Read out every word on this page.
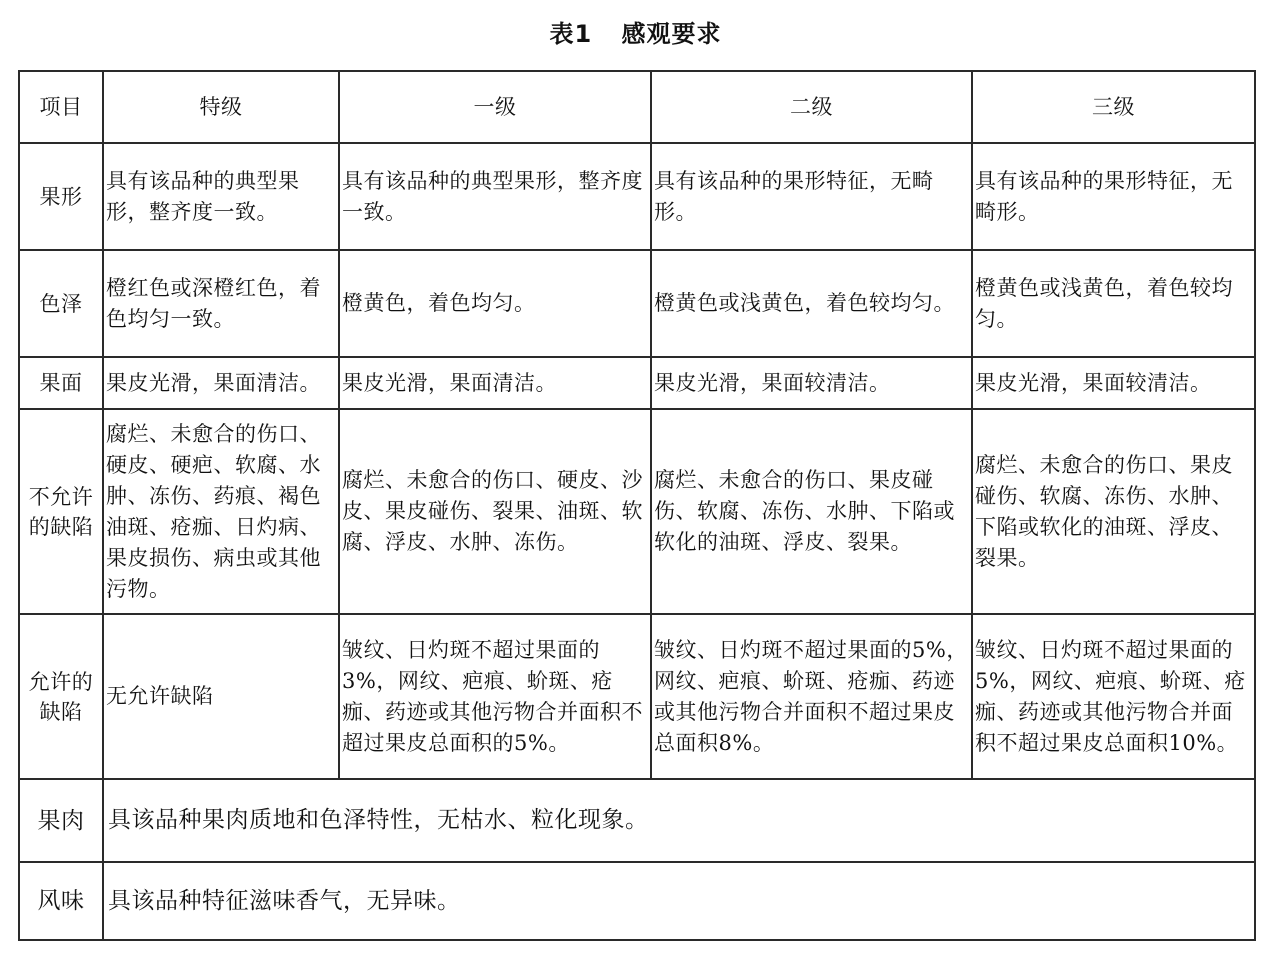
表1 感观要求
项目	特级	一级	二级	三级
果形	具有该品种的典型果形，整齐度一致。	具有该品种的典型果形，整齐度一致。	具有该品种的果形特征，无畸形。	具有该品种的果形特征，无畸形。
色泽	橙红色或深橙红色，着色均匀一致。	橙黄色，着色均匀。	橙黄色或浅黄色，着色较均匀。	橙黄色或浅黄色，着色较均匀。
果面	果皮光滑，果面清洁。	果皮光滑，果面清洁。	果皮光滑，果面较清洁。	果皮光滑，果面较清洁。
不允许的缺陷	腐烂、未愈合的伤口、硬皮、硬疤、软腐、水肿、冻伤、药痕、褐色油斑、疮痂、日灼病、果皮损伤、病虫或其他污物。	腐烂、未愈合的伤口、硬皮、沙皮、果皮碰伤、裂果、油斑、软腐、浮皮、水肿、冻伤。	腐烂、未愈合的伤口、果皮碰伤、软腐、冻伤、水肿、下陷或软化的油斑、浮皮、裂果。	腐烂、未愈合的伤口、果皮碰伤、软腐、冻伤、水肿、下陷或软化的油斑、浮皮、裂果。
允许的缺陷	无允许缺陷	皱纹、日灼斑不超过果面的3%，网纹、疤痕、蚧斑、疮痂、药迹或其他污物合并面积不超过果皮总面积的5%。	皱纹、日灼斑不超过果面的5%，网纹、疤痕、蚧斑、疮痂、药迹或其他污物合并面积不超过果皮总面积8%。	皱纹、日灼斑不超过果面的5%，网纹、疤痕、蚧斑、疮痂、药迹或其他污物合并面积不超过果皮总面积10%。
果肉	具该品种果肉质地和色泽特性，无枯水、粒化现象。			
风味	具该品种特征滋味香气，无异味。			
